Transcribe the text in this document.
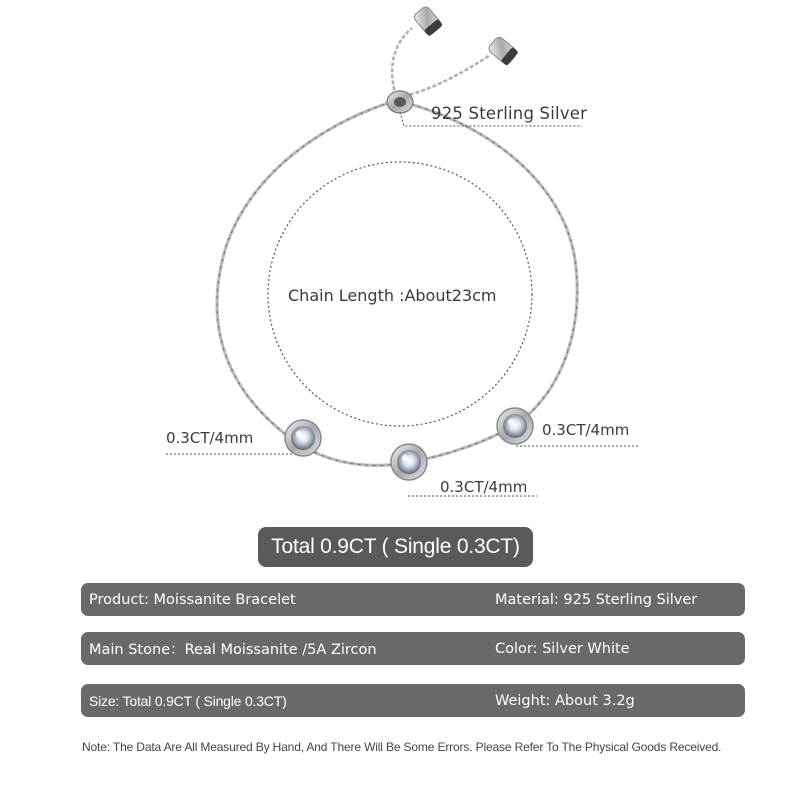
925 Sterling Silver
Chain Length :About23cm
0.3CT/4mm	0.3CT/4mm
0.3CT/4mm
Total 0.9CT ( Single 0.3CT)
Product: Moissanite Bracelet	Material: 925 Sterling Silver
Main Stone：Real Moissanite /5A Zircon	Color: Silver White
Size: Total 0.9CT ( Single 0.3CT)	Weight: About 3.2g
Note: The Data Are All Measured By Hand, And There Will Be Some Errors. Please Refer To The Physical Goods Received.
